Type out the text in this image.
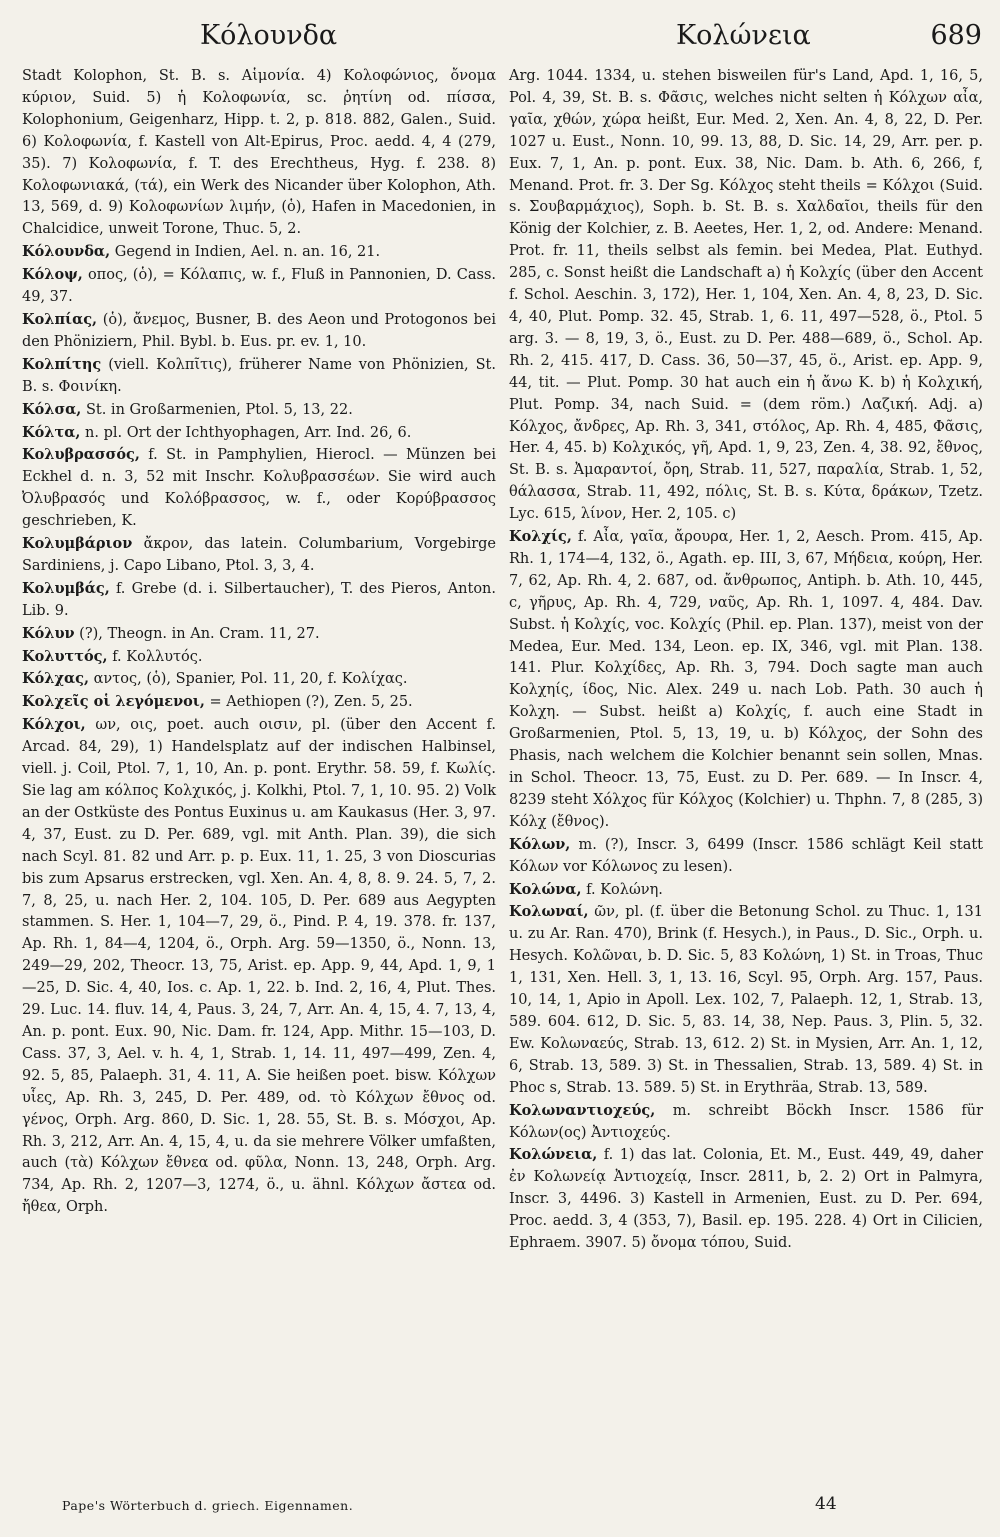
Κόλουνδα	Κολώνεια	689

Stadt Kolophon, St. B. s. Αἱμονία. 4) Κολοφώνιος, ὄνομα κύριον, Suid. 5) ἡ Κολοφωνία, sc. ῥητίνη od. πίσσα, Kolophonium, Geigenharz, Hipp. t. 2, p. 818. 882, Galen., Suid. 6) Κολοφωνία, f. Kastell von Alt-Epirus, Proc. aedd. 4, 4 (279, 35). 7) Κολοφωνία, f. T. des Erechtheus, Hyg. f. 238. 8) Κολοφωνιακά, (τά), ein Werk des Nicander über Kolophon, Ath. 13, 569, d. 9) Κολοφωνίων λιμήν, (ὁ), Hafen in Macedonien, in Chalcidice, unweit Torone, Thuc. 5, 2.

Κόλουνδα, Gegend in Indien, Ael. n. an. 16, 21.

Κόλοψ, οπος, (ὁ), = Κόλαπις, w. f., Fluß in Pannonien, D. Cass. 49, 37.

Κολπίας, (ὁ), ἄνεμος, Busner, B. des Aeon und Protogonos bei den Phöniziern, Phil. Bybl. b. Eus. pr. ev. 1, 10.

Κολπίτης (viell. Κολπῖτις), früherer Name von Phönizien, St. B. s. Φοινίκη.

Κόλσα, St. in Großarmenien, Ptol. 5, 13, 22.

Κόλτα, n. pl. Ort der Ichthyophagen, Arr. Ind. 26, 6.

Κολυβρασσός, f. St. in Pamphylien, Hierocl. — Münzen bei Eckhel d. n. 3, 52 mit Inschr. Κολυβρασσέων. Sie wird auch Ὀλυβρασός und Κολόβρασσος, w. f., oder Κορύβρασσος geschrieben, K.

Κολυμβάριον ἄκρον, das latein. Columbarium, Vorgebirge Sardiniens, j. Capo Libano, Ptol. 3, 3, 4.

Κολυμβάς, f. Grebe (d. i. Silbertaucher), T. des Pieros, Anton. Lib. 9.

Κόλυν (?), Theogn. in An. Cram. 11, 27.

Κολυττός, f. Κολλυτός.

Κόλχας, αντος, (ὁ), Spanier, Pol. 11, 20, f. Κολίχας.

Κολχεῖς οἱ λεγόμενοι, = Aethiopen (?), Zen. 5, 25.

Κόλχοι, ων, οις, poet. auch οισιν, pl. (über den Accent f. Arcad. 84, 29), 1) Handelsplatz auf der indischen Halbinsel, viell. j. Coil, Ptol. 7, 1, 10, An. p. pont. Erythr. 58. 59, f. Κωλίς. Sie lag am κόλπος Κολχικός, j. Kolkhi, Ptol. 7, 1, 10. 95. 2) Volk an der Ostküste des Pontus Euxinus u. am Kaukasus (Her. 3, 97. 4, 37, Eust. zu D. Per. 689, vgl. mit Anth. Plan. 39), die sich nach Scyl. 81. 82 und Arr. p. p. Eux. 11, 1. 25, 3 von Dioscurias bis zum Apsarus erstrecken, vgl. Xen. An. 4, 8, 8. 9. 24. 5, 7, 2. 7, 8, 25, u. nach Her. 2, 104. 105, D. Per. 689 aus Aegypten stammen. S. Her. 1, 104—7, 29, ö., Pind. P. 4, 19. 378. fr. 137, Ap. Rh. 1, 84—4, 1204, ö., Orph. Arg. 59—1350, ö., Nonn. 13, 249—29, 202, Theocr. 13, 75, Arist. ep. App. 9, 44, Apd. 1, 9, 1—25, D. Sic. 4, 40, Ios. c. Ap. 1, 22. b. Ind. 2, 16, 4, Plut. Thes. 29. Luc. 14. fluv. 14, 4, Paus. 3, 24, 7, Arr. An. 4, 15, 4. 7, 13, 4, An. p. pont. Eux. 90, Nic. Dam. fr. 124, App. Mithr. 15—103, D. Cass. 37, 3, Ael. v. h. 4, 1, Strab. 1, 14. 11, 497—499, Zen. 4, 92. 5, 85, Palaeph. 31, 4. 11, A. Sie heißen poet. bisw. Κόλχων υἷες, Ap. Rh. 3, 245, D. Per. 489, od. τὸ Κόλχων ἔθνος od. γένος, Orph. Arg. 860, D. Sic. 1, 28. 55, St. B. s. Μόσχοι, Ap. Rh. 3, 212, Arr. An. 4, 15, 4, u. da sie mehrere Völker umfaßten, auch (τὰ) Κόλχων ἔθνεα od. φῦλα, Nonn. 13, 248, Orph. Arg. 734, Ap. Rh. 2, 1207—3, 1274, ö., u. ähnl. Κόλχων ἄστεα od. ἤθεα, Orph.

Arg. 1044. 1334, u. stehen bisweilen für's Land, Apd. 1, 16, 5, Pol. 4, 39, St. B. s. Φᾶσις, welches nicht selten ἡ Κόλχων αἶα, γαῖα, χθών, χώρα heißt, Eur. Med. 2, Xen. An. 4, 8, 22, D. Per. 1027 u. Eust., Nonn. 10, 99. 13, 88, D. Sic. 14, 29, Arr. per. p. Eux. 7, 1, An. p. pont. Eux. 38, Nic. Dam. b. Ath. 6, 266, f, Menand. Prot. fr. 3. Der Sg. Κόλχος steht theils = Κόλχοι (Suid. s. Σουβαρμάχιος), Soph. b. St. B. s. Χαλδαῖοι, theils für den König der Kolchier, z. B. Aeetes, Her. 1, 2, od. Andere: Menand. Prot. fr. 11, theils selbst als femin. bei Medea, Plat. Euthyd. 285, c. Sonst heißt die Landschaft a) ἡ Κολχίς (über den Accent f. Schol. Aeschin. 3, 172), Her. 1, 104, Xen. An. 4, 8, 23, D. Sic. 4, 40, Plut. Pomp. 32. 45, Strab. 1, 6. 11, 497—528, ö., Ptol. 5 arg. 3. — 8, 19, 3, ö., Eust. zu D. Per. 488—689, ö., Schol. Ap. Rh. 2, 415. 417, D. Cass. 36, 50—37, 45, ö., Arist. ep. App. 9, 44, tit. — Plut. Pomp. 30 hat auch ein ἡ ἄνω Κ. b) ἡ Κολχική, Plut. Pomp. 34, nach Suid. = (dem röm.) Λαζική. Adj. a) Κόλχος, ἄνδρες, Ap. Rh. 3, 341, στόλος, Ap. Rh. 4, 485, Φᾶσις, Her. 4, 45. b) Κολχικός, γῆ, Apd. 1, 9, 23, Zen. 4, 38. 92, ἔθνος, St. B. s. Ἀμαραντοί, ὄρη, Strab. 11, 527, παραλία, Strab. 1, 52, θάλασσα, Strab. 11, 492, πόλις, St. B. s. Κύτα, δράκων, Tzetz. Lyc. 615, λίνον, Her. 2, 105. c)

Κολχίς, f. Αἶα, γαῖα, ἄρουρα, Her. 1, 2, Aesch. Prom. 415, Ap. Rh. 1, 174—4, 132, ö., Agath. ep. III, 3, 67, Μήδεια, κούρη, Her. 7, 62, Ap. Rh. 4, 2. 687, od. ἄνθρωπος, Antiph. b. Ath. 10, 445, c, γῆρυς, Ap. Rh. 4, 729, ναῦς, Ap. Rh. 1, 1097. 4, 484. Dav. Subst. ἡ Κολχίς, voc. Κολχίς (Phil. ep. Plan. 137), meist von der Medea, Eur. Med. 134, Leon. ep. IX, 346, vgl. mit Plan. 138. 141. Plur. Κολχίδες, Ap. Rh. 3, 794. Doch sagte man auch Κολχηίς, ίδος, Nic. Alex. 249 u. nach Lob. Path. 30 auch ἡ Κολχη. — Subst. heißt a) Κολχίς, f. auch eine Stadt in Großarmenien, Ptol. 5, 13, 19, u. b) Κόλχος, der Sohn des Phasis, nach welchem die Kolchier benannt sein sollen, Mnas. in Schol. Theocr. 13, 75, Eust. zu D. Per. 689. — In Inscr. 4, 8239 steht Χόλχος für Κόλχος (Kolchier) u. Thphn. 7, 8 (285, 3) Κόλχ (ἔθνος).

Κόλων, m. (?), Inscr. 3, 6499 (Inscr. 1586 schlägt Keil statt Κόλων vor Κόλωνος zu lesen).

Κολώνα, f. Κολώνη.

Κολωναί, ῶν, pl. (f. über die Betonung Schol. zu Thuc. 1, 131 u. zu Ar. Ran. 470), Brink (f. Hesych.), in Paus., D. Sic., Orph. u. Hesych. Κολῶναι, b. D. Sic. 5, 83 Κολώνη, 1) St. in Troas, Thuc 1, 131, Xen. Hell. 3, 1, 13. 16, Scyl. 95, Orph. Arg. 157, Paus. 10, 14, 1, Apio in Apoll. Lex. 102, 7, Palaeph. 12, 1, Strab. 13, 589. 604. 612, D. Sic. 5, 83. 14, 38, Nep. Paus. 3, Plin. 5, 32. Ew. Κολωναεύς, Strab. 13, 612. 2) St. in Mysien, Arr. An. 1, 12, 6, Strab. 13, 589. 3) St. in Thessalien, Strab. 13, 589. 4) St. in Phoc s, Strab. 13. 589. 5) St. in Erythräa, Strab. 13, 589.

Κολωναντιοχεύς, m. schreibt Böckh Inscr. 1586 für Κόλων(ος) Ἀντιοχεύς.

Κολώνεια, f. 1) das lat. Colonia, Et. M., Eust. 449, 49, daher ἐν Κολωνείᾳ Ἀντιοχείᾳ, Inscr. 2811, b, 2. 2) Ort in Palmyra, Inscr. 3, 4496. 3) Kastell in Armenien, Eust. zu D. Per. 694, Proc. aedd. 3, 4 (353, 7), Basil. ep. 195. 228. 4) Ort in Cilicien, Ephraem. 3907. 5) ὄνομα τόπου, Suid.

Pape's Wörterbuch d. griech. Eigennamen.	44
